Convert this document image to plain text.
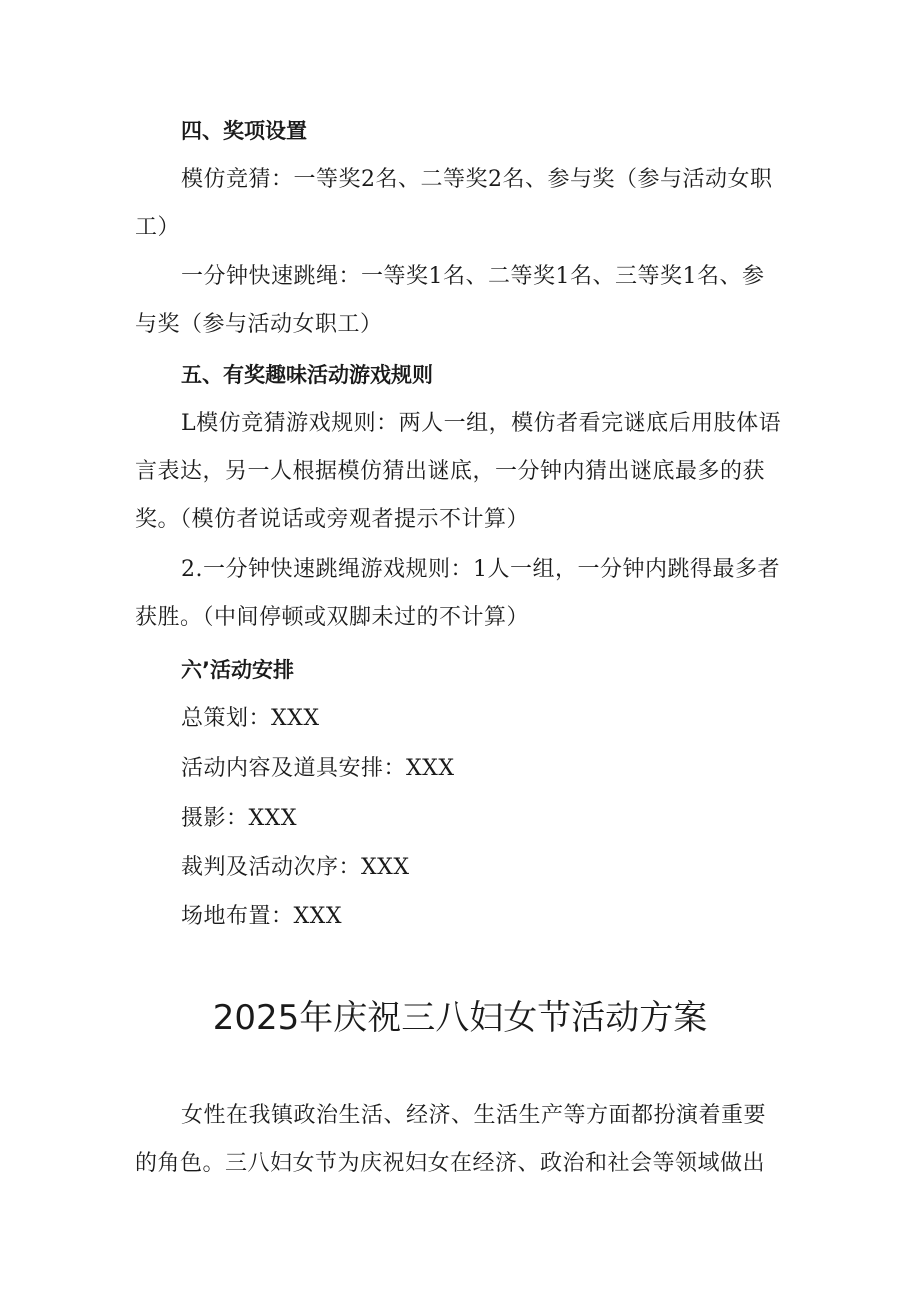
四、奖项设置

模仿竞猜：一等奖2名、二等奖2名、参与奖（参与活动女职工）

一分钟快速跳绳：一等奖1名、二等奖1名、三等奖1名、参与奖（参与活动女职工）

五、有奖趣味活动游戏规则

L模仿竞猜游戏规则：两人一组，模仿者看完谜底后用肢体语言表达，另一人根据模仿猜出谜底，一分钟内猜出谜底最多的获奖。（模仿者说话或旁观者提示不计算）

2.一分钟快速跳绳游戏规则：1人一组，一分钟内跳得最多者获胜。（中间停顿或双脚未过的不计算）

六’活动安排

总策划：XXX

活动内容及道具安排：XXX

摄影：XXX

裁判及活动次序：XXX

场地布置：XXX

2025年庆祝三八妇女节活动方案

女性在我镇政治生活、经济、生活生产等方面都扮演着重要的角色。三八妇女节为庆祝妇女在经济、政治和社会等领域做出
